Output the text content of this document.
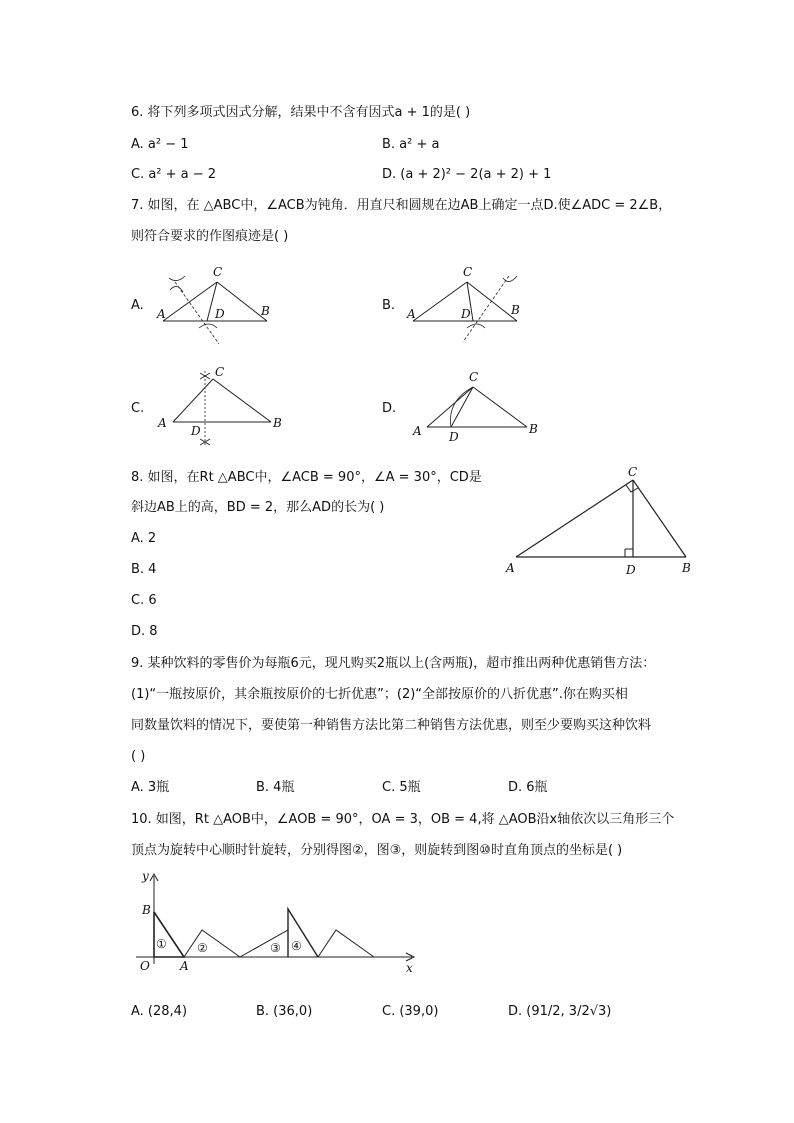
6. 将下列多项式因式分解，结果中不含有因式a + 1的是( )
A. a² − 1	B. a² + a
C. a² + a − 2	D. (a + 2)² − 2(a + 2) + 1
7. 如图，在 △ABC中，∠ACB为钝角．用直尺和圆规在边AB上确定一点D.使∠ADC = 2∠B，
则符合要求的作图痕迹是( )
A.
C
A	D	B	B.
C
A	D	B
C.
C
A
D
B
D.
C
A D
B
8. 如图，在Rt △ABC中，∠ACB = 90°，∠A = 30°，CD是
斜边AB上的高，BD = 2，那么AD的长为( )
A. 2
B. 4
C. 6
D. 8
C
A	D	B
9. 某种饮料的零售价为每瓶6元，现凡购买2瓶以上(含两瓶)，超市推出两种优惠销售方法：
(1)“一瓶按原价，其余瓶按原价的七折优惠”；(2)“全部按原价的八折优惠”.你在购买相
同数量饮料的情况下，要使第一种销售方法比第二种销售方法优惠，则至少要购买这种饮料
( )
A. 3瓶	B. 4瓶	C. 5瓶	D. 6瓶
10. 如图，Rt △AOB中，∠AOB = 90°，OA = 3，OB = 4,将 △AOB沿x轴依次以三角形三个
顶点为旋转中心顺时针旋转，分别得图②，图③，则旋转到图⑩时直角顶点的坐标是( )
y
B
O	A	x
①	②	③ ④
A. (28,4)	B. (36,0)	C. (39,0)	D. (91/2, 3/2√3)
